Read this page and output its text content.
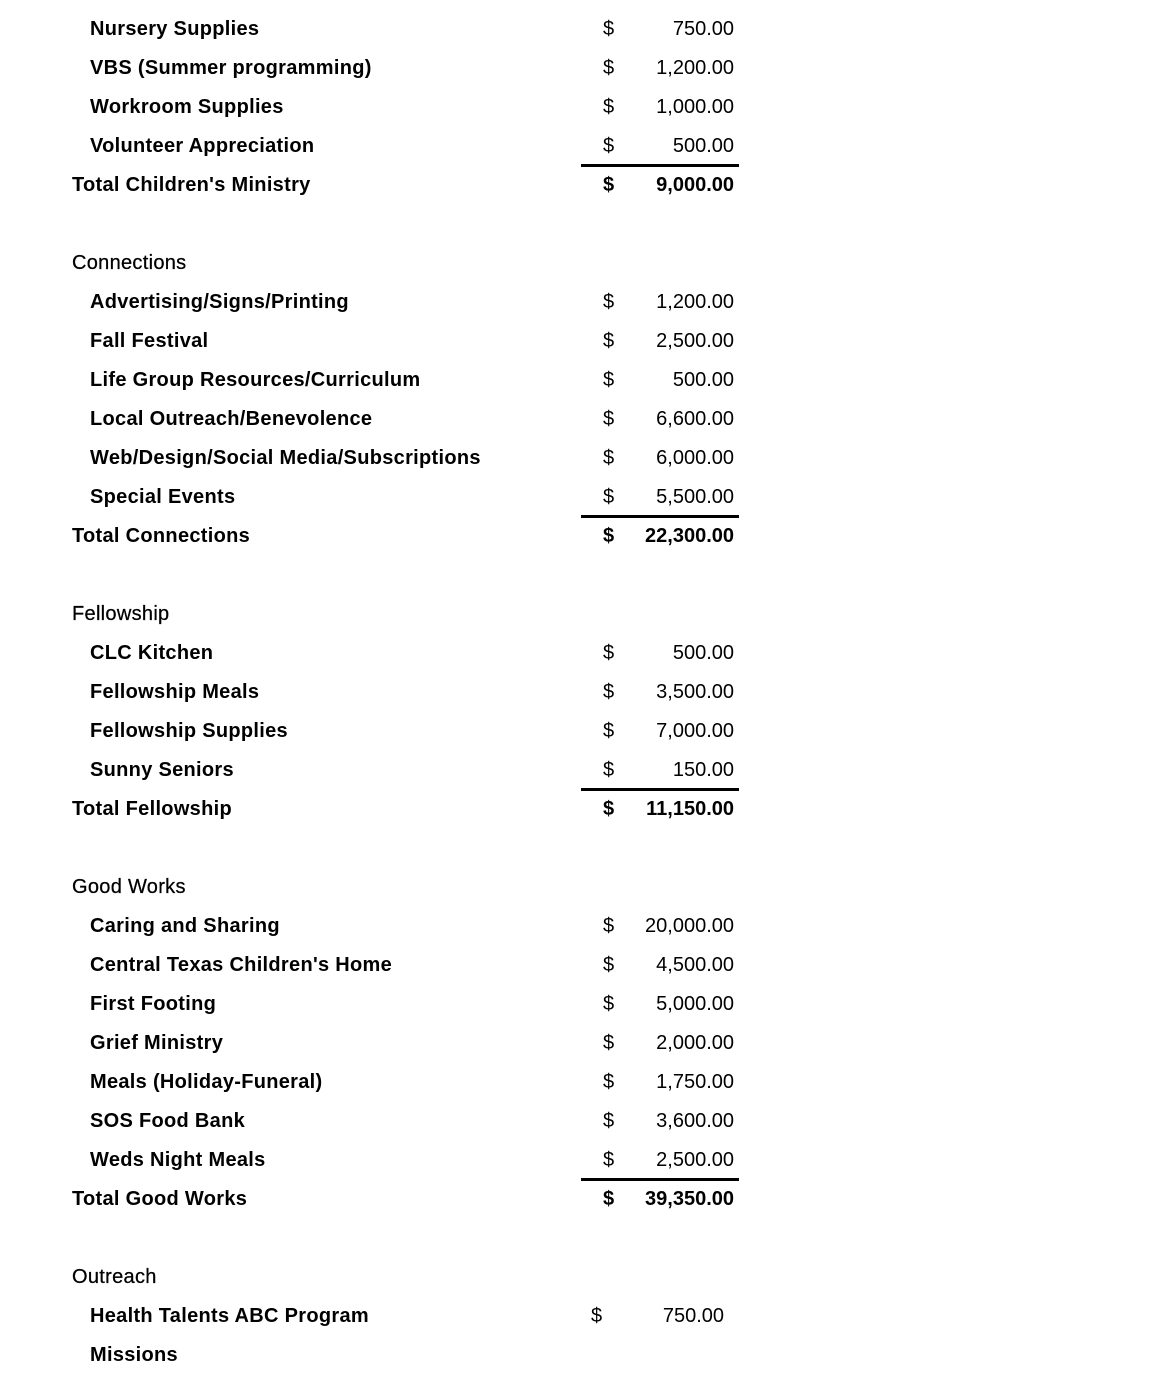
Nursery Supplies	$	750.00
VBS (Summer programming)	$ 1,200.00
Workroom Supplies	$ 1,000.00
Volunteer Appreciation	$	500.00
Total Children's Ministry	$ 9,000.00
Connections
Advertising/Signs/Printing	$ 1,200.00
Fall Festival	$ 2,500.00
Life Group Resources/Curriculum	$	500.00
Local Outreach/Benevolence	$ 6,600.00
Web/Design/Social Media/Subscriptions	$ 6,000.00
Special Events	$ 5,500.00
Total Connections	$ 22,300.00
Fellowship
CLC Kitchen	$	500.00
Fellowship Meals	$ 3,500.00
Fellowship Supplies	$ 7,000.00
Sunny Seniors	$	150.00
Total Fellowship	$ 11,150.00
Good Works
Caring and Sharing	$ 20,000.00
Central Texas Children's Home	$ 4,500.00
First Footing	$ 5,000.00
Grief Ministry	$ 2,000.00
Meals (Holiday-Funeral)	$ 1,750.00
SOS Food Bank	$ 3,600.00
Weds Night Meals	$ 2,500.00
Total Good Works	$ 39,350.00
Outreach
Health Talents ABC Program	$	750.00
Missions
